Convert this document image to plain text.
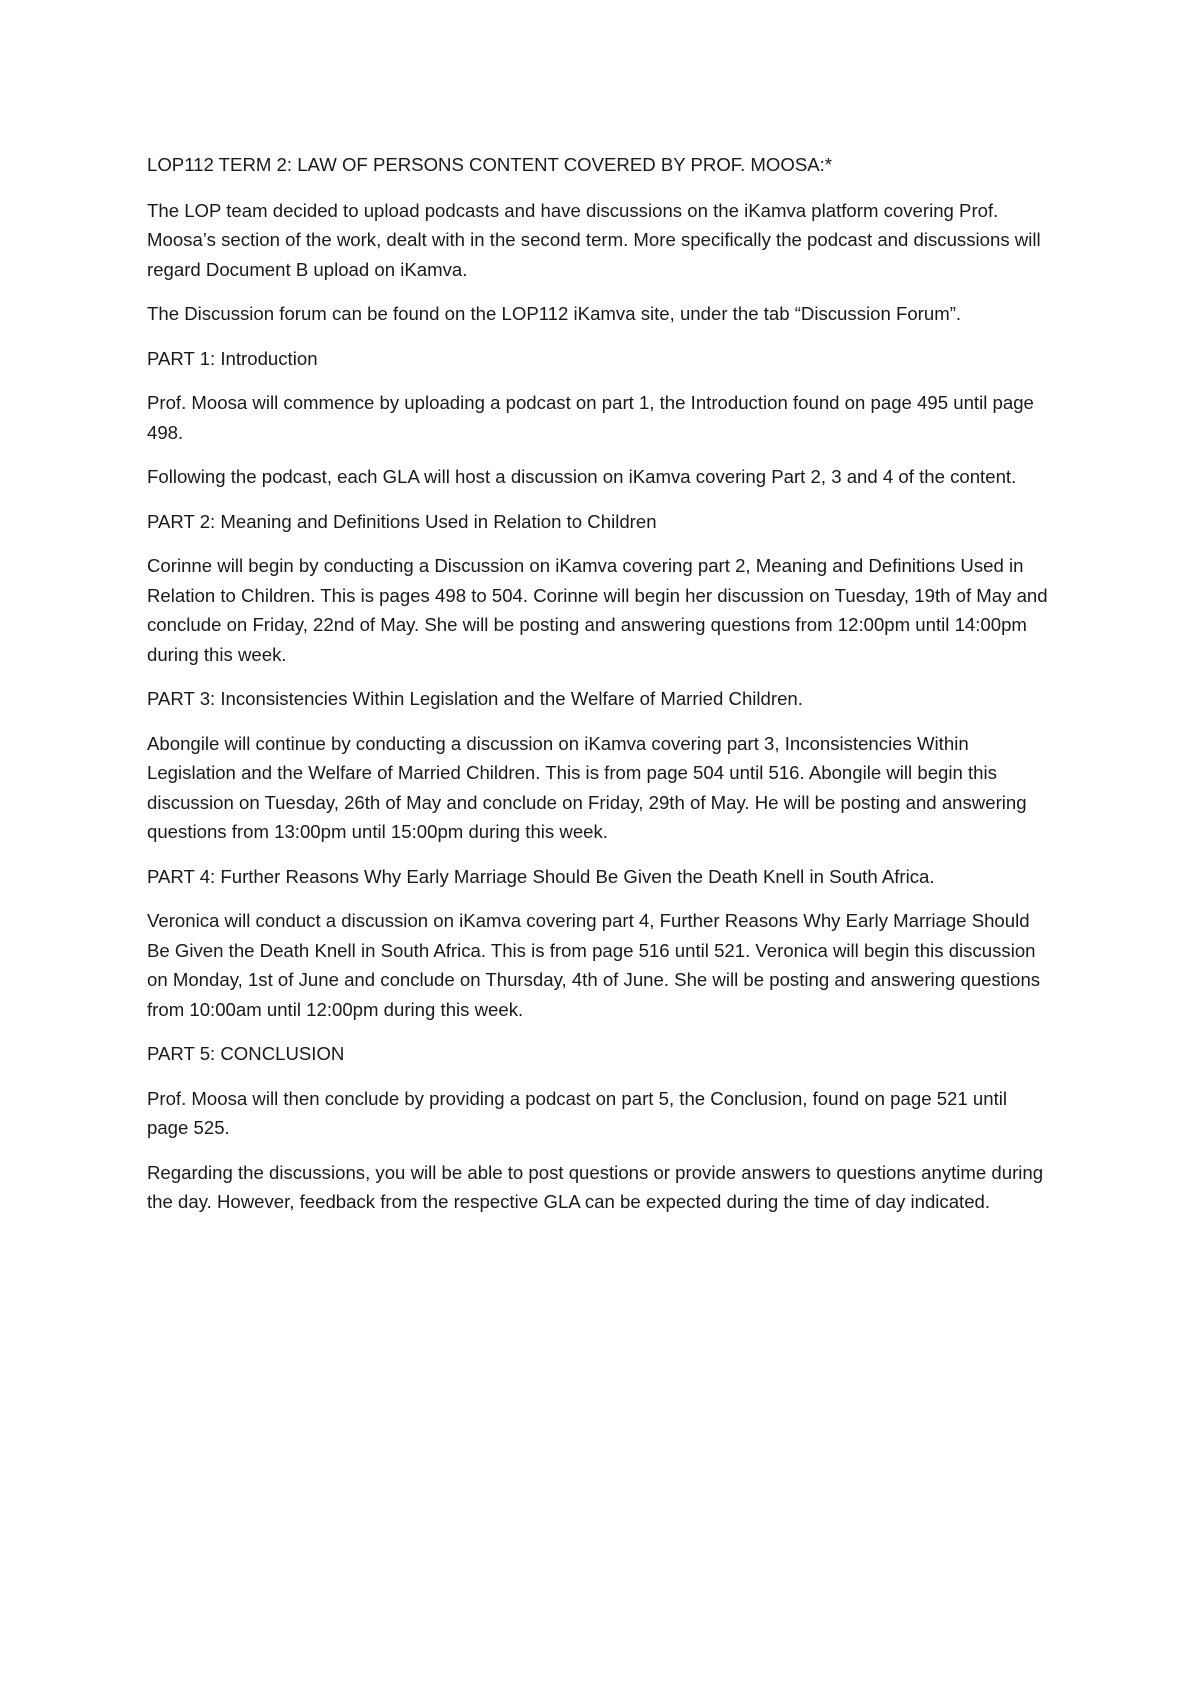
LOP112 TERM 2: LAW OF PERSONS CONTENT COVERED BY PROF. MOOSA:*

The LOP team decided to upload podcasts and have discussions on the iKamva platform covering Prof. Moosa’s section of the work, dealt with in the second term. More specifically the podcast and discussions will regard Document B upload on iKamva.

The Discussion forum can be found on the LOP112 iKamva site, under the tab “Discussion Forum”.

PART 1: Introduction

Prof. Moosa will commence by uploading a podcast on part 1, the Introduction found on page 495 until page 498.

Following the podcast, each GLA will host a discussion on iKamva covering Part 2, 3 and 4 of the content.

PART 2: Meaning and Definitions Used in Relation to Children

Corinne will begin by conducting a Discussion on iKamva covering part 2, Meaning and Definitions Used in Relation to Children. This is pages 498 to 504. Corinne will begin her discussion on Tuesday, 19th of May and conclude on Friday, 22nd of May. She will be posting and answering questions from 12:00pm until 14:00pm during this week.

PART 3: Inconsistencies Within Legislation and the Welfare of Married Children.

Abongile will continue by conducting a discussion on iKamva covering part 3, Inconsistencies Within Legislation and the Welfare of Married Children. This is from page 504 until 516. Abongile will begin this discussion on Tuesday, 26th of May and conclude on Friday, 29th of May. He will be posting and answering questions from 13:00pm until 15:00pm during this week.

PART 4: Further Reasons Why Early Marriage Should Be Given the Death Knell in South Africa.

Veronica will conduct a discussion on iKamva covering part 4, Further Reasons Why Early Marriage Should Be Given the Death Knell in South Africa. This is from page 516 until 521. Veronica will begin this discussion on Monday, 1st of June and conclude on Thursday, 4th of June. She will be posting and answering questions from 10:00am until 12:00pm during this week.

PART 5: CONCLUSION

Prof. Moosa will then conclude by providing a podcast on part 5, the Conclusion, found on page 521 until page 525.

Regarding the discussions, you will be able to post questions or provide answers to questions anytime during the day. However, feedback from the respective GLA can be expected during the time of day indicated.
